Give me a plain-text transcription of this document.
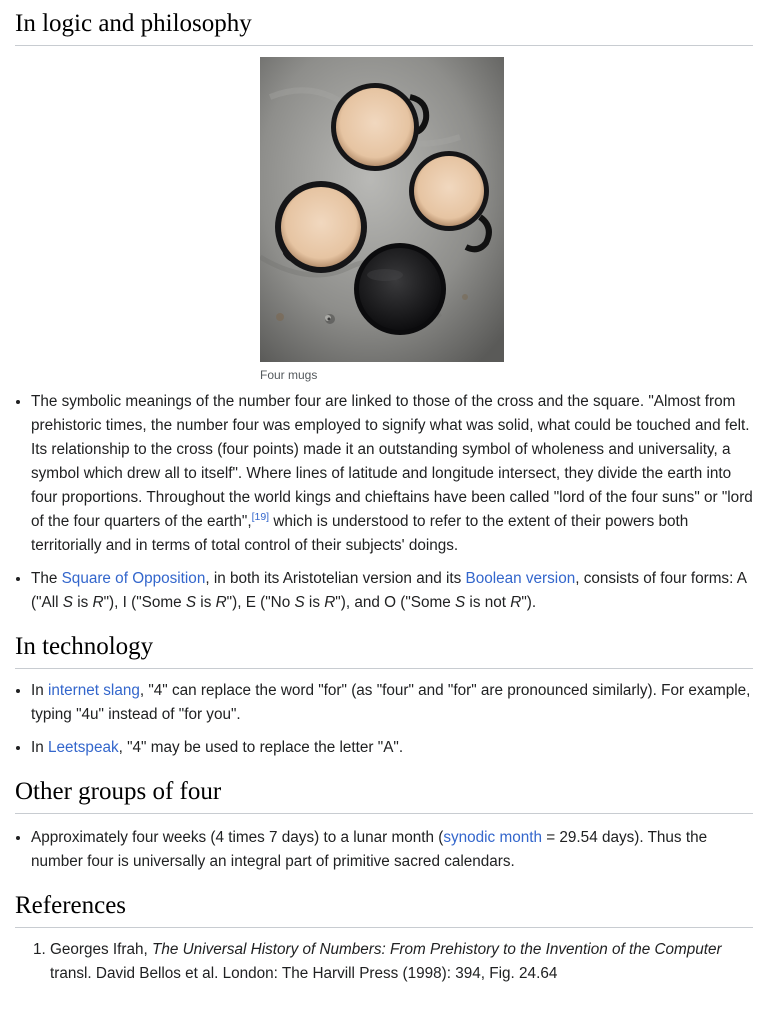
In logic and philosophy
Four mugs
• The symbolic meanings of the number four are linked to those of the cross and the square. "Almost from prehistoric times, the number four was employed to signify what was solid, what could be touched and felt. Its relationship to the cross (four points) made it an outstanding symbol of wholeness and universality, a symbol which drew all to itself". Where lines of latitude and longitude intersect, they divide the earth into four proportions. Throughout the world kings and chieftains have been called "lord of the four suns" or "lord of the four quarters of the earth",[19] which is understood to refer to the extent of their powers both territorially and in terms of total control of their subjects' doings.
• The Square of Opposition, in both its Aristotelian version and its Boolean version, consists of four forms: A ("All S is R"), I ("Some S is R"), E ("No S is R"), and O ("Some S is not R").
In technology
• In internet slang, "4" can replace the word "for" (as "four" and "for" are pronounced similarly). For example, typing "4u" instead of "for you".
• In Leetspeak, "4" may be used to replace the letter "A".
Other groups of four
• Approximately four weeks (4 times 7 days) to a lunar month (synodic month = 29.54 days). Thus the number four is universally an integral part of primitive sacred calendars.
References
1. Georges Ifrah, The Universal History of Numbers: From Prehistory to the Invention of the Computer transl. David Bellos et al. London: The Harvill Press (1998): 394, Fig. 24.64
